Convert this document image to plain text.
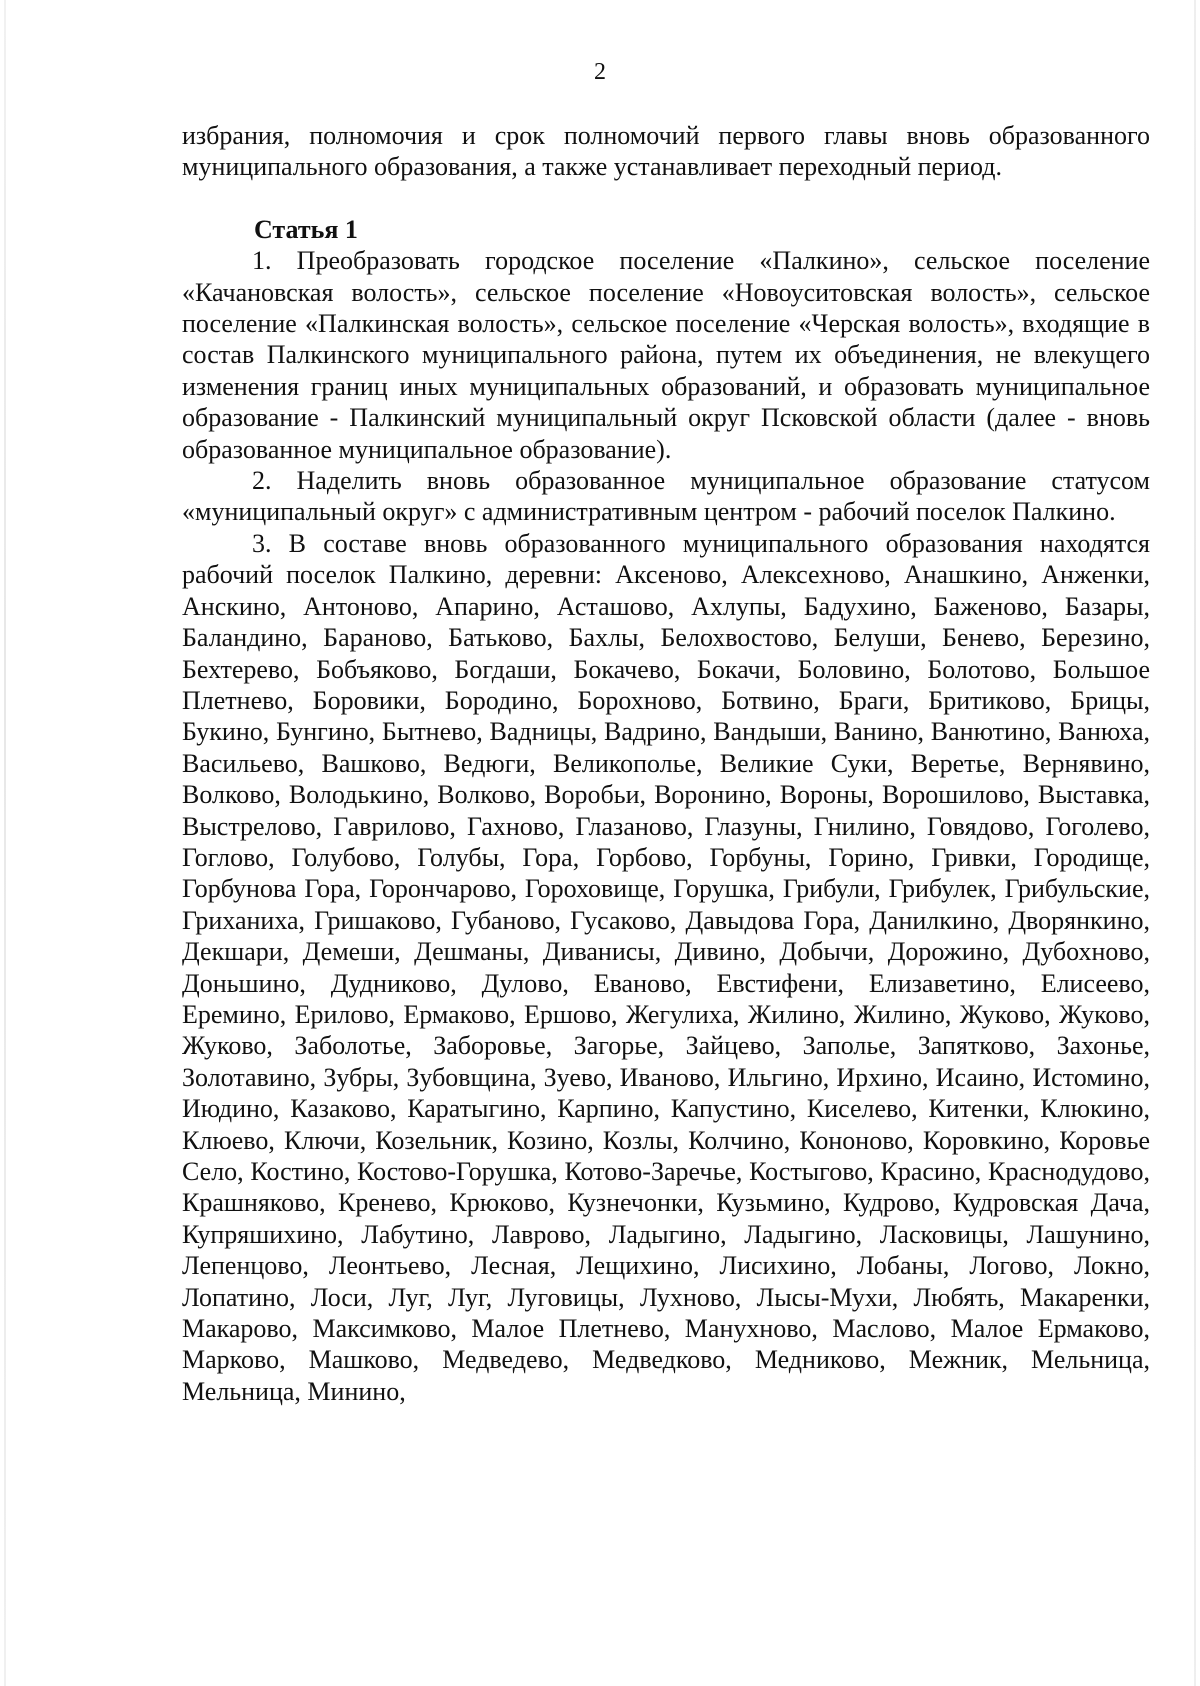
2

избрания, полномочия и срок полномочий первого главы вновь образованного муниципального образования, а также устанавливает переходный период.

Статья 1

1. Преобразовать городское поселение «Палкино», сельское поселение «Качановская волость», сельское поселение «Новоуситовская волость», сельское поселение «Палкинская волость», сельское поселение «Черская волость», входящие в состав Палкинского муниципального района, путем их объединения, не влекущего изменения границ иных муниципальных образований, и образовать муниципальное образование - Палкинский муниципальный округ Псковской области (далее - вновь образованное муниципальное образование).

2. Наделить вновь образованное муниципальное образование статусом «муниципальный округ» с административным центром - рабочий поселок Палкино.

3. В составе вновь образованного муниципального образования находятся рабочий поселок Палкино, деревни: Аксеново, Алексехново, Анашкино, Анженки, Анскино, Антоново, Апарино, Асташово, Ахлупы, Бадухино, Баженово, Базары, Баландино, Бараново, Батьково, Бахлы, Белохвостово, Белуши, Бенево, Березино, Бехтерево, Бобъяково, Богдаши, Бокачево, Бокачи, Боловино, Болотово, Большое Плетнево, Боровики, Бородино, Борохново, Ботвино, Браги, Бритиково, Брицы, Букино, Бунгино, Бытнево, Вадницы, Вадрино, Вандыши, Ванино, Ванютино, Ванюха, Васильево, Вашково, Ведюги, Великополье, Великие Суки, Веретье, Вернявино, Волково, Володькино, Волково, Воробьи, Воронино, Вороны, Ворошилово, Выставка, Выстрелово, Гаврилово, Гахново, Глазаново, Глазуны, Гнилино, Говядово, Гоголево, Гоглово, Голубово, Голубы, Гора, Горбово, Горбуны, Горино, Гривки, Городище, Горбунова Гора, Горончарово, Гороховище, Горушка, Грибули, Грибулек, Грибульские, Гриханиха, Гришаково, Губаново, Гусаково, Давыдова Гора, Данилкино, Дворянкино, Декшари, Демеши, Дешманы, Диванисы, Дивино, Добычи, Дорожино, Дубохново, Доньшино, Дудниково, Дулово, Еваново, Евстифени, Елизаветино, Елисеево, Еремино, Ерилово, Ермаково, Ершово, Жегулиха, Жилино, Жилино, Жуково, Жуково, Жуково, Заболотье, Заборовье, Загорье, Зайцево, Заполье, Запятково, Захонье, Золотавино, Зубры, Зубовщина, Зуево, Иваново, Ильгино, Ирхино, Исаино, Истомино, Июдино, Казаково, Каратыгино, Карпино, Капустино, Киселево, Китенки, Клюкино, Клюево, Ключи, Козельник, Козино, Козлы, Колчино, Кононово, Коровкино, Коровье Село, Костино, Костово-Горушка, Котово-Заречье, Костыгово, Красино, Краснодудово, Крашняково, Кренево, Крюково, Кузнечонки, Кузьмино, Кудрово, Кудровская Дача, Купряшихино, Лабутино, Лаврово, Ладыгино, Ладыгино, Ласковицы, Лашунино, Лепенцово, Леонтьево, Лесная, Лещихино, Лисихино, Лобаны, Логово, Локно, Лопатино, Лоси, Луг, Луг, Луговицы, Лухново, Лысы-Мухи, Любять, Макаренки, Макарово, Максимково, Малое Плетнево, Манухново, Маслово, Малое Ермаково, Марково, Машково, Медведево, Медведково, Медниково, Межник, Мельница, Мельница, Минино,
